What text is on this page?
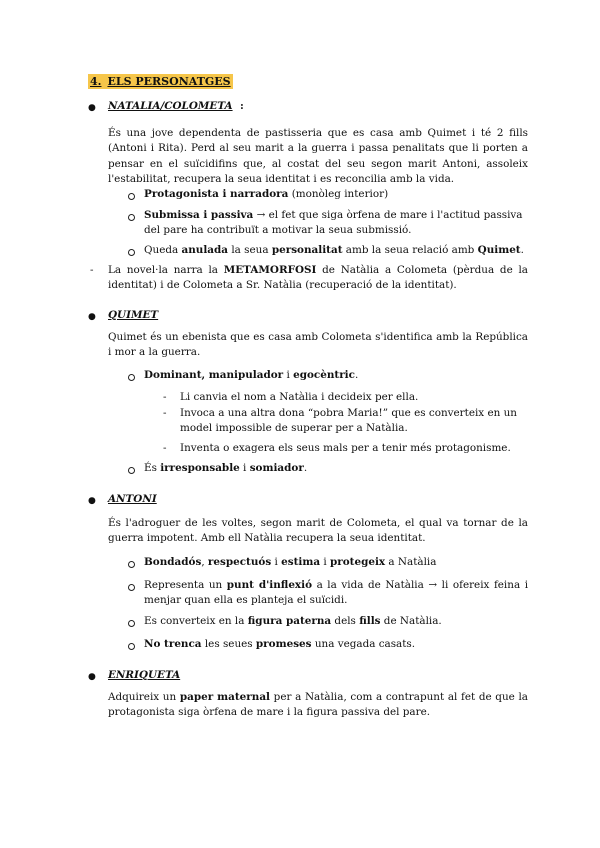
4. ELS PERSONATGES
● NATALIA/COLOMETA :
És una jove dependenta de pastisseria que es casa amb Quimet i té 2 fills (Antoni i Rita). Perd al seu marit a la guerra i passa penalitats que li porten a pensar en el suïcidifins que, al costat del seu segon marit Antoni, assoleix l'estabilitat, recupera la seua identitat i es reconcilia amb la vida.
Protagonista i narradora (monòleg interior)
Submissa i passiva → el fet que siga òrfena de mare i l'actitud passiva del pare ha contribuït a motivar la seua submissió.
Queda anulada la seua personalitat amb la seua relació amb Quimet.
- La novel·la narra la METAMORFOSI de Natàlia a Colometa (pèrdua de la identitat) i de Colometa a Sr. Natàlia (recuperació de la identitat).
● QUIMET
Quimet és un ebenista que es casa amb Colometa s'identifica amb la República i mor a la guerra.
Dominant, manipulador i egocèntric.
- Li canvia el nom a Natàlia i decideix per ella.
- Invoca a una altra dona “pobra Maria!” que es converteix en un model impossible de superar per a Natàlia.
- Inventa o exagera els seus mals per a tenir més protagonisme.
És irresponsable i somiador.
● ANTONI
És l'adroguer de les voltes, segon marit de Colometa, el qual va tornar de la guerra impotent. Amb ell Natàlia recupera la seua identitat.
Bondadós, respectuós i estima i protegeix a Natàlia
Representa un punt d'inflexió a la vida de Natàlia → li ofereix feina i menjar quan ella es planteja el suïcidi.
Es converteix en la figura paterna dels fills de Natàlia.
No trenca les seues promeses una vegada casats.
● ENRIQUETA
Adquireix un paper maternal per a Natàlia, com a contrapunt al fet de que la protagonista siga òrfena de mare i la figura passiva del pare.
